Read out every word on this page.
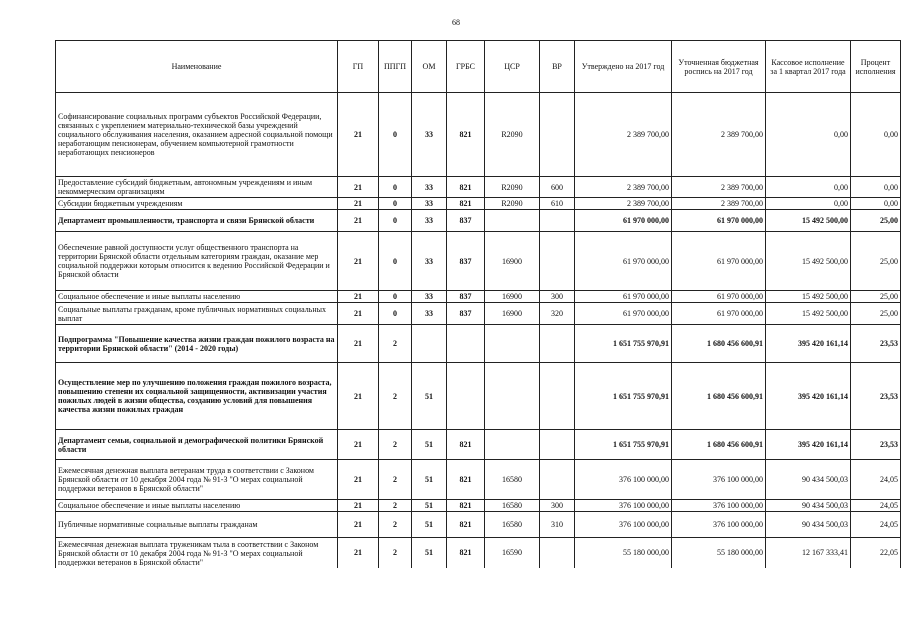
68
Наименование	ГП	ППГП	ОМ	ГРБС	ЦСР	ВР	Утверждено на 2017 год	Уточненная бюджетная роспись на 2017 год	Кассовое исполнение за 1 квартал 2017 года	Процент исполнения
Софинансирование социальных программ субъектов Российской Федерации, связанных с укреплением материально-технической базы учреждений социального обслуживания населения, оказанием адресной социальной помощи неработающим пенсионерам, обучением компьютерной грамотности неработающих пенсионеров	21	0	33	821	R2090		2 389 700,00	2 389 700,00	0,00	0,00
Предоставление субсидий бюджетным, автономным учреждениям и иным некоммерческим организациям	21	0	33	821	R2090	600	2 389 700,00	2 389 700,00	0,00	0,00
Субсидии бюджетным учреждениям	21	0	33	821	R2090	610	2 389 700,00	2 389 700,00	0,00	0,00
Департамент промышленности, транспорта и связи Брянской области	21	0	33	837			61 970 000,00	61 970 000,00	15 492 500,00	25,00
Обеспечение равной доступности услуг общественного транспорта на территории Брянской области отдельным категориям граждан, оказание мер социальной поддержки которым относится к ведению Российской Федерации и Брянской области	21	0	33	837	16900		61 970 000,00	61 970 000,00	15 492 500,00	25,00
Социальное обеспечение и иные выплаты населению	21	0	33	837	16900	300	61 970 000,00	61 970 000,00	15 492 500,00	25,00
Социальные выплаты гражданам, кроме публичных нормативных социальных выплат	21	0	33	837	16900	320	61 970 000,00	61 970 000,00	15 492 500,00	25,00
Подпрограмма "Повышение качества жизни граждан пожилого возраста на территории Брянской области" (2014 - 2020 годы)	21	2					1 651 755 970,91	1 680 456 600,91	395 420 161,14	23,53
Осуществление мер по улучшению положения граждан пожилого возраста, повышению степени их социальной защищенности, активизации участия пожилых людей в жизни общества, созданию условий для повышения качества жизни пожилых граждан	21	2	51				1 651 755 970,91	1 680 456 600,91	395 420 161,14	23,53
Департамент семьи, социальной и демографической политики Брянской области	21	2	51	821			1 651 755 970,91	1 680 456 600,91	395 420 161,14	23,53
Ежемесячная денежная выплата ветеранам труда в соответствии с Законом Брянской области от 10 декабря 2004 года № 91-З "О мерах социальной поддержки ветеранов в Брянской области"	21	2	51	821	16580		376 100 000,00	376 100 000,00	90 434 500,03	24,05
Социальное обеспечение и иные выплаты населению	21	2	51	821	16580	300	376 100 000,00	376 100 000,00	90 434 500,03	24,05
Публичные нормативные социальные выплаты гражданам	21	2	51	821	16580	310	376 100 000,00	376 100 000,00	90 434 500,03	24,05

Ежемесячная денежная выплата труженикам тыла в соответствии с Законом Брянской области от 10 декабря 2004 года № 91-З "О мерах социальной поддержки ветеранов в Брянской области"	21	2	51	821	16590		55 180 000,00	55 180 000,00	12 167 333,41	22,05
